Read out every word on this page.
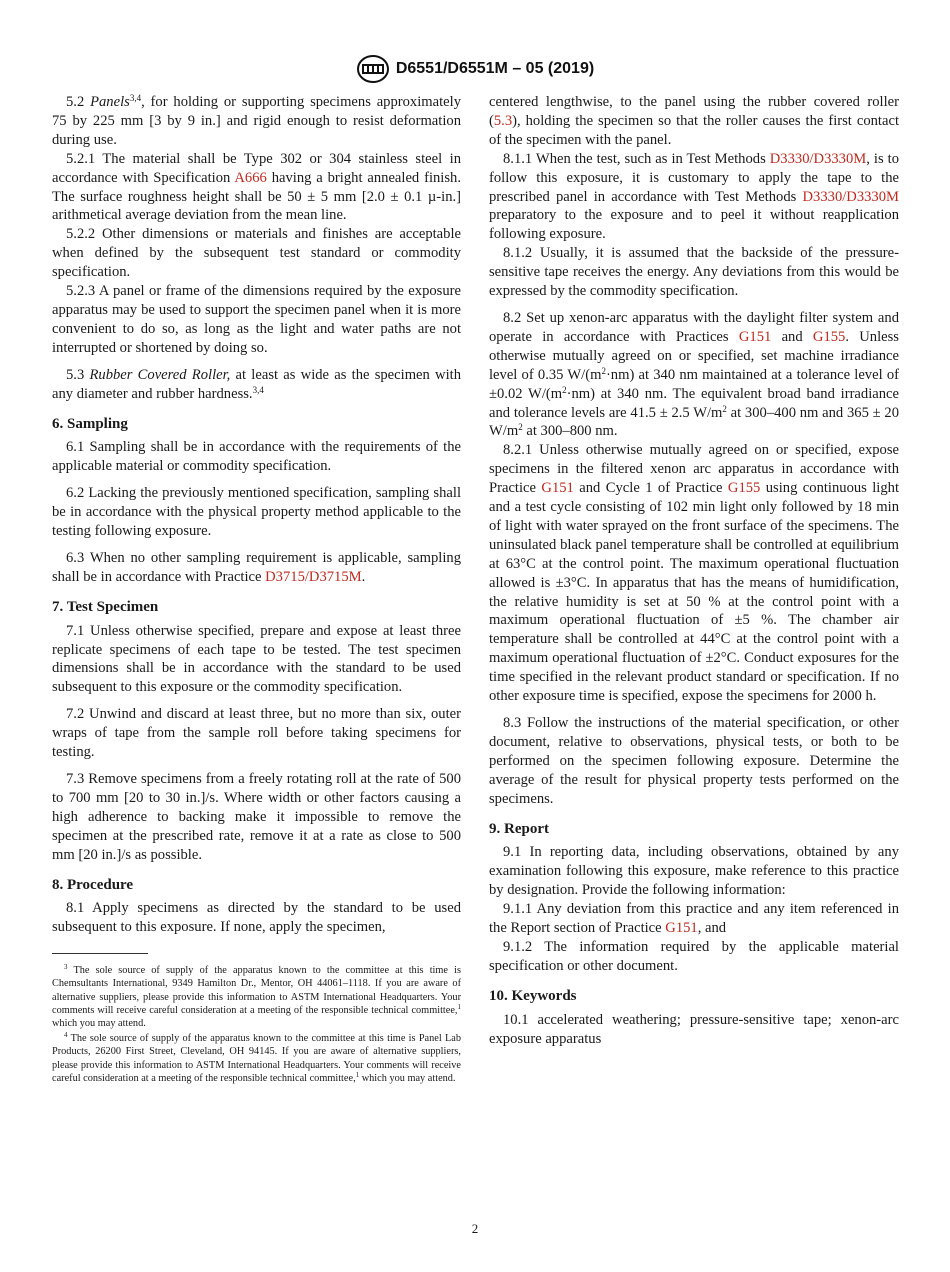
D6551/D6551M – 05 (2019)

5.2 Panels$^{3,4}$, for holding or supporting specimens approximately 75 by 225 mm [3 by 9 in.] and rigid enough to resist deformation during use.

5.2.1 The material shall be Type 302 or 304 stainless steel in accordance with Specification A666 having a bright annealed finish. The surface roughness height shall be 50 ± 5 mm [2.0 ± 0.1 µ-in.] arithmetical average deviation from the mean line.

5.2.2 Other dimensions or materials and finishes are acceptable when defined by the subsequent test standard or commodity specification.

5.2.3 A panel or frame of the dimensions required by the exposure apparatus may be used to support the specimen panel when it is more convenient to do so, as long as the light and water paths are not interrupted or shortened by doing so.

5.3 Rubber Covered Roller, at least as wide as the specimen with any diameter and rubber hardness.$^{3,4}$

6. Sampling

6.1 Sampling shall be in accordance with the requirements of the applicable material or commodity specification.

6.2 Lacking the previously mentioned specification, sampling shall be in accordance with the physical property method applicable to the testing following exposure.

6.3 When no other sampling requirement is applicable, sampling shall be in accordance with Practice D3715/D3715M.

7. Test Specimen

7.1 Unless otherwise specified, prepare and expose at least three replicate specimens of each tape to be tested. The test specimen dimensions shall be in accordance with the standard to be used subsequent to this exposure or the commodity specification.

7.2 Unwind and discard at least three, but no more than six, outer wraps of tape from the sample roll before taking specimens for testing.

7.3 Remove specimens from a freely rotating roll at the rate of 500 to 700 mm [20 to 30 in.]/s. Where width or other factors causing a high adherence to backing make it impossible to remove the specimen at the prescribed rate, remove it at a rate as close to 500 mm [20 in.]/s as possible.

8. Procedure

8.1 Apply specimens as directed by the standard to be used subsequent to this exposure. If none, apply the specimen,

$^3$ The sole source of supply of the apparatus known to the committee at this time is Chemsultants International, 9349 Hamilton Dr., Mentor, OH 44061–1118. If you are aware of alternative suppliers, please provide this information to ASTM International Headquarters. Your comments will receive careful consideration at a meeting of the responsible technical committee,$^1$ which you may attend.

$^4$ The sole source of supply of the apparatus known to the committee at this time is Panel Lab Products, 26200 First Street, Cleveland, OH 94145. If you are aware of alternative suppliers, please provide this information to ASTM International Headquarters. Your comments will receive careful consideration at a meeting of the responsible technical committee,$^1$ which you may attend.

centered lengthwise, to the panel using the rubber covered roller (5.3), holding the specimen so that the roller causes the first contact of the specimen with the panel.

8.1.1 When the test, such as in Test Methods D3330/D3330M, is to follow this exposure, it is customary to apply the tape to the prescribed panel in accordance with Test Methods D3330/D3330M preparatory to the exposure and to peel it without reapplication following exposure.

8.1.2 Usually, it is assumed that the backside of the pressure-sensitive tape receives the energy. Any deviations from this would be expressed by the commodity specification.

8.2 Set up xenon-arc apparatus with the daylight filter system and operate in accordance with Practices G151 and G155. Unless otherwise mutually agreed on or specified, set machine irradiance level of 0.35 $W/(m^2\cdot nm)$ at 340 nm maintained at a tolerance level of ±0.02 $W/(m^2\cdot nm)$ at 340 nm. The equivalent broad band irradiance and tolerance levels are 41.5 ± 2.5 $W/m^2$ at 300–400 nm and 365 ± 20 $W/m^2$ at 300–800 nm.

8.2.1 Unless otherwise mutually agreed on or specified, expose specimens in the filtered xenon arc apparatus in accordance with Practice G151 and Cycle 1 of Practice G155 using continuous light and a test cycle consisting of 102 min light only followed by 18 min of light with water sprayed on the front surface of the specimens. The uninsulated black panel temperature shall be controlled at equilibrium at 63°C at the control point. The maximum operational fluctuation allowed is ±3°C. In apparatus that has the means of humidification, the relative humidity is set at 50 % at the control point with a maximum operational fluctuation of ±5 %. The chamber air temperature shall be controlled at 44°C at the control point with a maximum operational fluctuation of ±2°C. Conduct exposures for the time specified in the relevant product standard or specification. If no other exposure time is specified, expose the specimens for 2000 h.

8.3 Follow the instructions of the material specification, or other document, relative to observations, physical tests, or both to be performed on the specimen following exposure. Determine the average of the result for physical property tests performed on the specimens.

9. Report

9.1 In reporting data, including observations, obtained by any examination following this exposure, make reference to this practice by designation. Provide the following information:

9.1.1 Any deviation from this practice and any item referenced in the Report section of Practice G151, and

9.1.2 The information required by the applicable material specification or other document.

10. Keywords

10.1 accelerated weathering; pressure-sensitive tape; xenon-arc exposure apparatus

2
